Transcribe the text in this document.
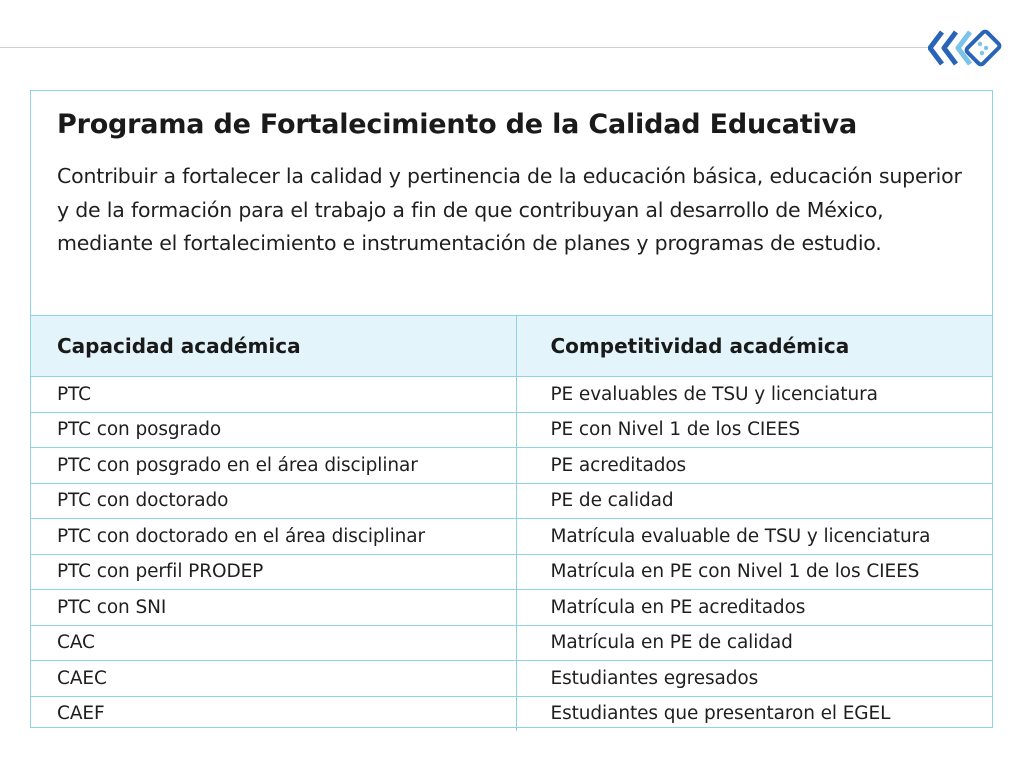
Programa de Fortalecimiento de la Calidad Educativa

Contribuir a fortalecer la calidad y pertinencia de la educación básica, educación superior y de la formación para el trabajo a fin de que contribuyan al desarrollo de México, mediante el fortalecimiento e instrumentación de planes y programas de estudio.

Capacidad académica	Competitividad académica
PTC	PE evaluables de TSU y licenciatura
PTC con posgrado	PE con Nivel 1 de los CIEES
PTC con posgrado en el área disciplinar	PE acreditados
PTC con doctorado	PE de calidad
PTC con doctorado en el área disciplinar	Matrícula evaluable de TSU y licenciatura
PTC con perfil PRODEP	Matrícula en PE con Nivel 1 de los CIEES
PTC con SNI	Matrícula en PE acreditados
CAC	Matrícula en PE de calidad
CAEC	Estudiantes egresados
CAEF	Estudiantes que presentaron el EGEL
